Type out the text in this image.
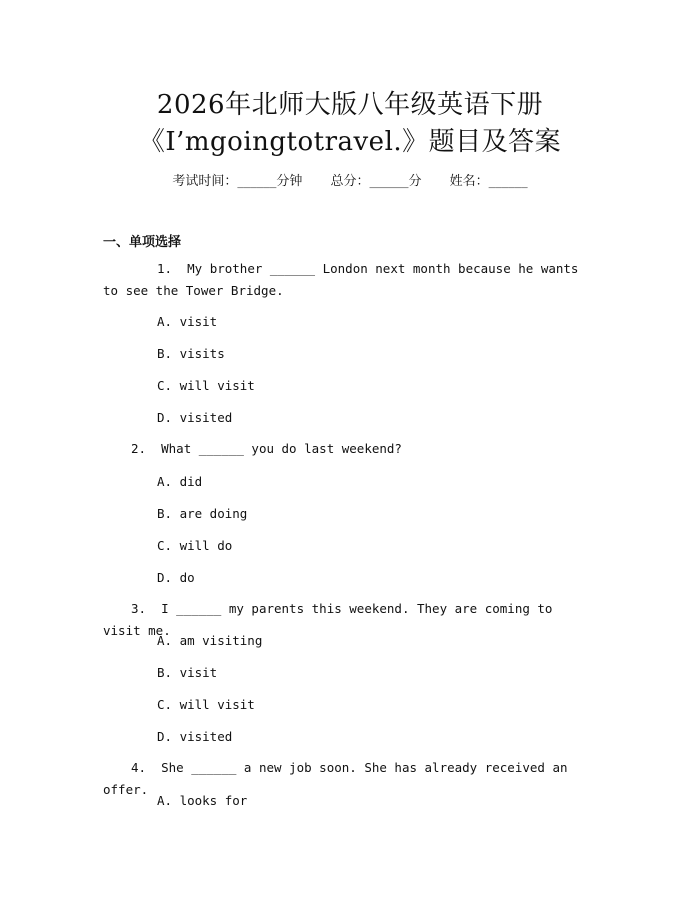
2026年北师大版八年级英语下册
《I’mgoingtotravel.》题目及答案
考试时间：______分钟 总分：______分 姓名：______
一、单项选择
1. My brother ______ London next month because he wants to see the Tower Bridge.
A. visit
B. visits
C. will visit
D. visited
2. What ______ you do last weekend?
A. did
B. are doing
C. will do
D. do
3. I ______ my parents this weekend. They are coming to visit me.
A. am visiting
B. visit
C. will visit
D. visited
4. She ______ a new job soon. She has already received an offer.
A. looks for
